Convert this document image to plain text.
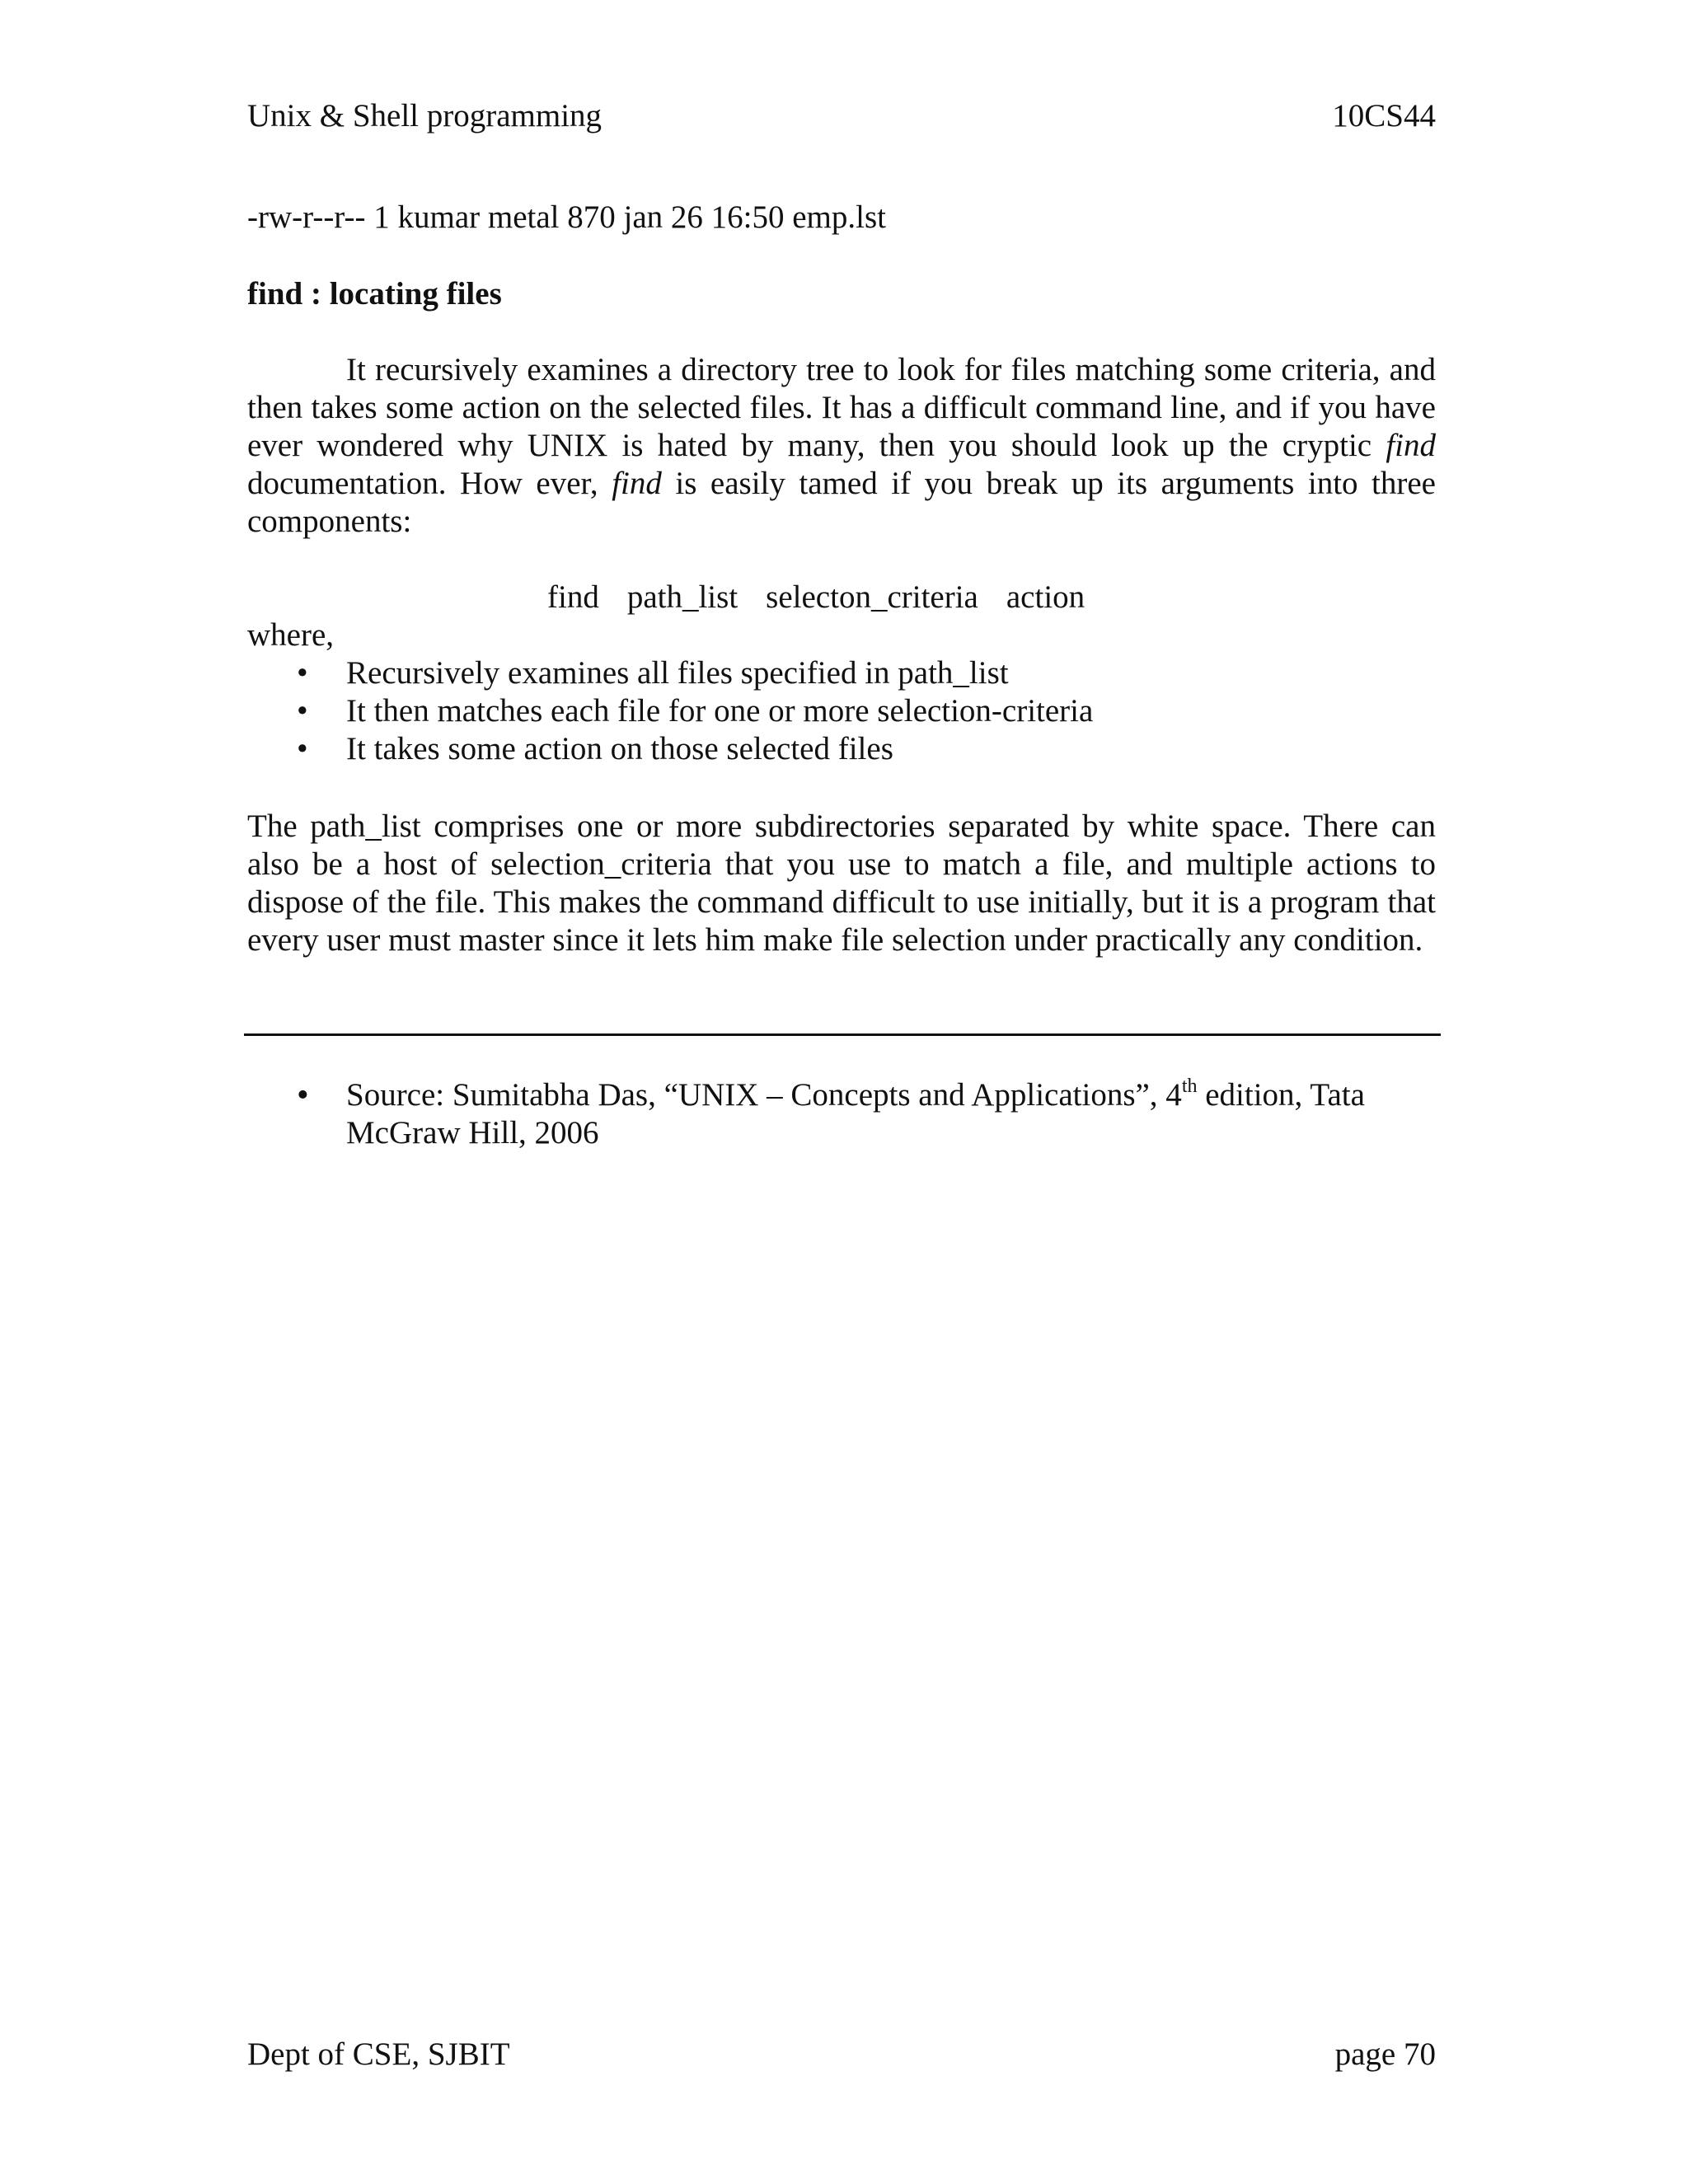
Unix & Shell programming	10CS44
-rw-r--r-- 1 kumar metal 870 jan 26 16:50 emp.lst
find : locating files

It recursively examines a directory tree to look for files matching some criteria, and then takes some action on the selected files. It has a difficult command line, and if you have ever wondered why UNIX is hated by many, then you should look up the cryptic find documentation. How ever, find is easily tamed if you break up its arguments into three components:

find path_list selecton_criteria action
where,
•	Recursively examines all files specified in path_list
•	It then matches each file for one or more selection-criteria
•	It takes some action on those selected files

The path_list comprises one or more subdirectories separated by white space. There can also be a host of selection_criteria that you use to match a file, and multiple actions to dispose of the file. This makes the command difficult to use initially, but it is a program that every user must master since it lets him make file selection under practically any condition.

•	Source: Sumitabha Das, “UNIX – Concepts and Applications”, 4th edition, Tata McGraw Hill, 2006
Dept of CSE, SJBIT	page 70
